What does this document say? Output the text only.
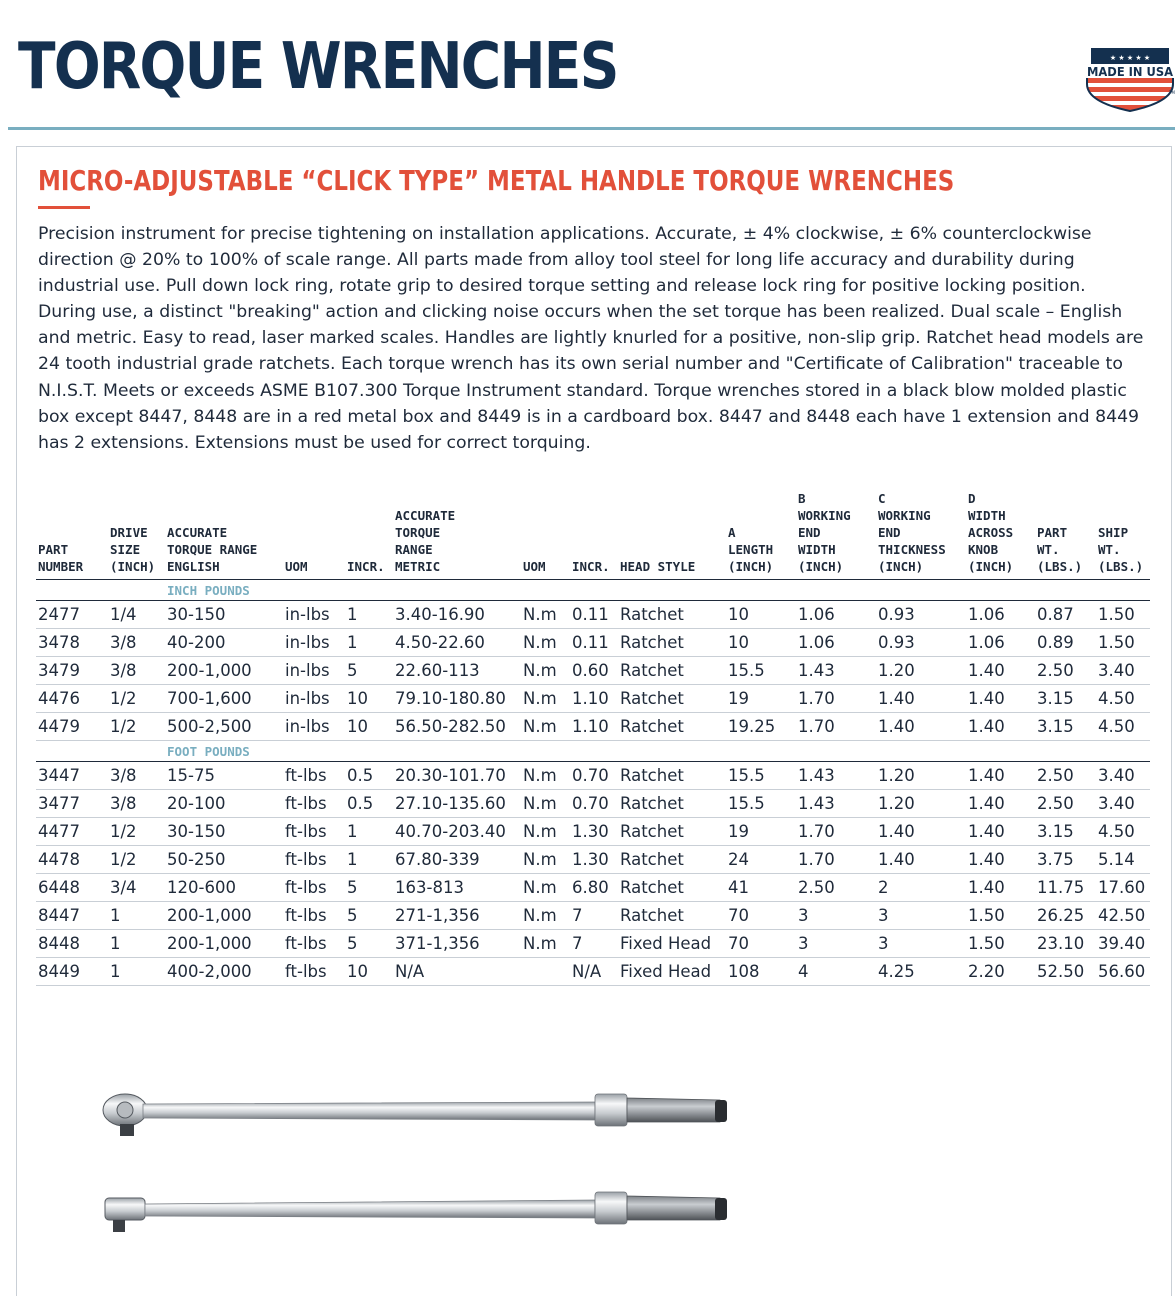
TORQUE WRENCHES	★ ★ ★ ★ ★
MADE IN USA
TM
MICRO-ADJUSTABLE “CLICK TYPE” METAL HANDLE TORQUE WRENCHES

Precision instrument for precise tightening on installation applications. Accurate, ± 4% clockwise, ± 6% counterclockwise direction @ 20% to 100% of scale range. All parts made from alloy tool steel for long life accuracy and durability during industrial use. Pull down lock ring, rotate grip to desired torque setting and release lock ring for positive locking position. During use, a distinct "breaking" action and clicking noise occurs when the set torque has been realized. Dual scale – English and metric. Easy to read, laser marked scales. Handles are lightly knurled for a positive, non-slip grip. Ratchet head models are 24 tooth industrial grade ratchets. Each torque wrench has its own serial number and "Certificate of Calibration" traceable to N.I.S.T. Meets or exceeds ASME B107.300 Torque Instrument standard. Torque wrenches stored in a black blow molded plastic box except 8447, 8448 are in a red metal box and 8449 is in a cardboard box. 8447 and 8448 each have 1 extension and 8449 has 2 extensions. Extensions must be used for correct torquing.

PART
NUMBER	DRIVE
SIZE
(INCH)	ACCURATE
TORQUE RANGE
ENGLISH	UOM	INCR.	ACCURATE
TORQUE
RANGE
METRIC	UOM	INCR.	HEAD STYLE	A
LENGTH
(INCH)	B
WORKING
END
WIDTH
(INCH)	C
WORKING
END
THICKNESS
(INCH)	D
WIDTH
ACROSS
KNOB
(INCH)	PART
WT.
(LBS.)	SHIP
WT.
(LBS.)
		INCH POUNDS												
2477	1/4	30-150	in-lbs	1	3.40-16.90	N.m	0.11	Ratchet	10	1.06	0.93	1.06	0.87	1.50
3478	3/8	40-200	in-lbs	1	4.50-22.60	N.m	0.11	Ratchet	10	1.06	0.93	1.06	0.89	1.50
3479	3/8	200-1,000	in-lbs	5	22.60-113	N.m	0.60	Ratchet	15.5	1.43	1.20	1.40	2.50	3.40
4476	1/2	700-1,600	in-lbs	10	79.10-180.80	N.m	1.10	Ratchet	19	1.70	1.40	1.40	3.15	4.50
4479	1/2	500-2,500	in-lbs	10	56.50-282.50	N.m	1.10	Ratchet	19.25	1.70	1.40	1.40	3.15	4.50
		FOOT POUNDS												
3447	3/8	15-75	ft-lbs	0.5	20.30-101.70	N.m	0.70	Ratchet	15.5	1.43	1.20	1.40	2.50	3.40
3477	3/8	20-100	ft-lbs	0.5	27.10-135.60	N.m	0.70	Ratchet	15.5	1.43	1.20	1.40	2.50	3.40
4477	1/2	30-150	ft-lbs	1	40.70-203.40	N.m	1.30	Ratchet	19	1.70	1.40	1.40	3.15	4.50
4478	1/2	50-250	ft-lbs	1	67.80-339	N.m	1.30	Ratchet	24	1.70	1.40	1.40	3.75	5.14
6448	3/4	120-600	ft-lbs	5	163-813	N.m	6.80	Ratchet	41	2.50	2	1.40	11.75	17.60
8447	1	200-1,000	ft-lbs	5	271-1,356	N.m	7	Ratchet	70	3	3	1.50	26.25	42.50
8448	1	200-1,000	ft-lbs	5	371-1,356	N.m	7	Fixed Head	70	3	3	1.50	23.10	39.40
8449	1	400-2,000	ft-lbs	10	N/A		N/A	Fixed Head	108	4	4.25	2.20	52.50	56.60
